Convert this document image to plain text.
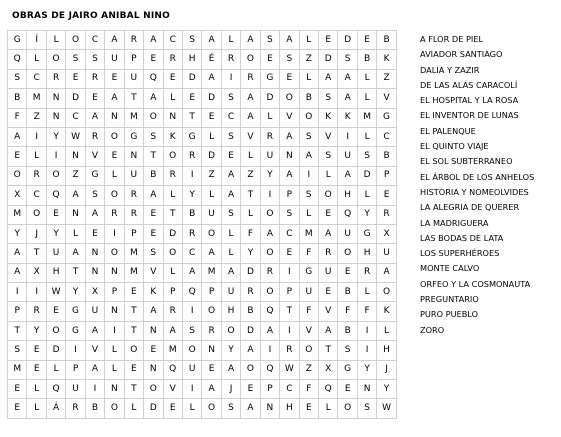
OBRAS DE JAIRO ANIBAL NINO
G	Í	L	O	C	A	R	A	C	S	A	L	A	S	A	L	E	D	E	B
Q	L	O	S	S	U	P	E	R	H	É	R	O	E	S	Z	D	S	B	K
S	C	R	E	R	E	U	Q	E	D	A	I	R	G	E	L	A	A	L	Z
B	M	N	D	E	A	T	A	L	E	D	S	A	D	O	B	S	A	L	V
F	Z	N	C	A	N	M	O	N	T	E	C	A	L	V	O	K	K	M	G
A	I	Y	W	R	O	G	S	K	G	L	S	V	R	A	S	V	I	L	C
E	L	I	N	V	E	N	T	O	R	D	E	L	U	N	A	S	U	S	B
O	R	O	Z	G	L	U	B	R	I	Z	A	Z	Y	A	I	L	A	D	P
X	C	Q	A	S	O	R	A	L	Y	L	A	T	I	P	S	O	H	L	E
M	O	E	N	A	R	R	E	T	B	U	S	L	O	S	L	E	Q	Y	R
Y	J	Y	L	E	I	P	E	D	R	O	L	F	A	C	M	A	U	G	X
A	T	U	A	N	O	M	S	O	C	A	L	Y	O	E	F	R	O	H	U
A	X	H	T	N	N	M	V	L	A	M	A	D	R	I	G	U	E	R	A
I	I	W	Y	X	P	E	K	P	Q	P	U	R	O	P	U	E	B	L	O
P	R	E	G	U	N	T	A	R	I	O	H	B	Q	T	F	V	F	F	K
T	Y	O	G	A	I	T	N	A	S	R	O	D	A	I	V	A	B	I	L
S	E	D	I	V	L	O	E	M	O	N	Y	A	I	R	O	T	S	I	H
M	E	L	P	A	L	E	N	Q	U	E	A	O	Q	W	Z	X	G	Y	J
E	L	Q	U	I	N	T	O	V	I	A	J	E	P	C	F	Q	E	N	Y
E	L	Á	R	B	O	L	D	E	L	O	S	A	N	H	E	L	O	S	W
A FLOR DE PIEL
AVIADOR SANTIAGO
DALIA Y ZAZIR
DE LAS ALAS CARACOLÍ
EL HOSPITAL Y LA ROSA
EL INVENTOR DE LUNAS
EL PALENQUE
EL QUINTO VIAJE
EL SOL SUBTERRANEO
EL ÁRBOL DE LOS ANHELOS
HISTORIA Y NOMEOLVIDES
LA ALEGRIA DE QUERER
LA MADRIGUERA
LAS BODAS DE LATA
LOS SUPERHÉROES
MONTE CALVO
ORFEO Y LA COSMONAUTA
PREGUNTARIO
PURO PUEBLO
ZORO
